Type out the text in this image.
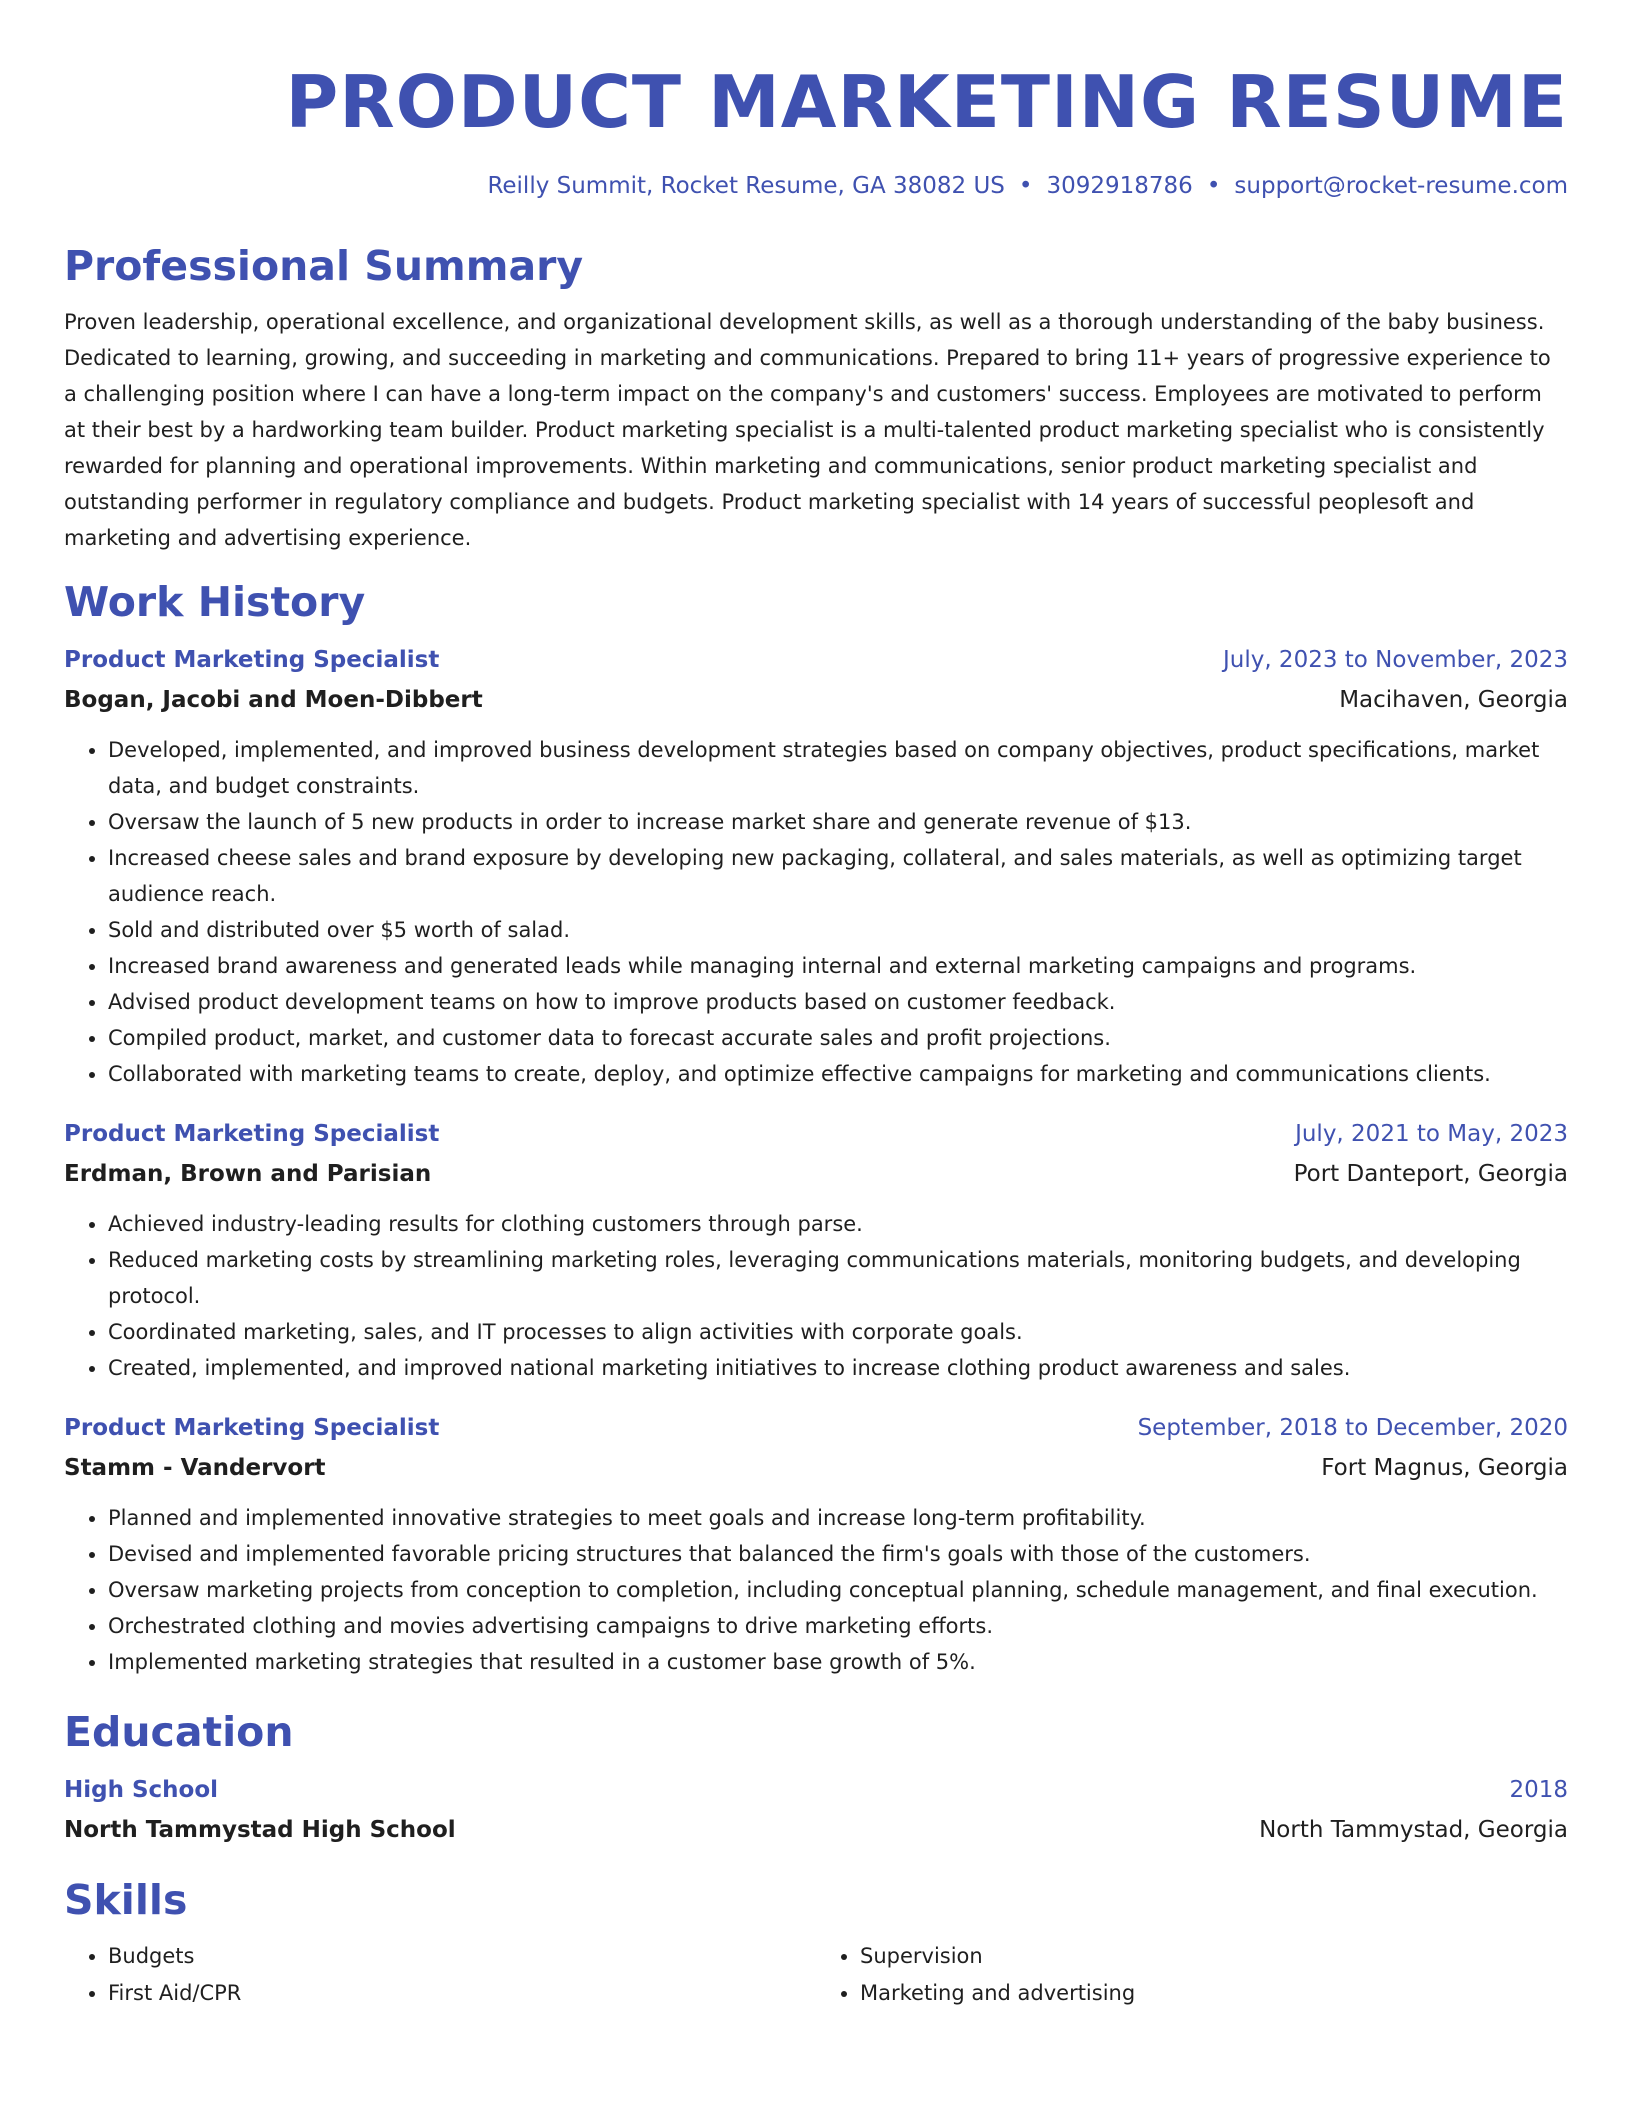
PRODUCT MARKETING RESUME
Reilly Summit, Rocket Resume, GA 38082 US • 3092918786 • support@rocket-resume.com
Professional Summary

Proven leadership, operational excellence, and organizational development skills, as well as a thorough understanding of the baby business. Dedicated to learning, growing, and succeeding in marketing and communications. Prepared to bring 11+ years of progressive experience to a challenging position where I can have a long-term impact on the company's and customers' success. Employees are motivated to perform at their best by a hardworking team builder. Product marketing specialist is a multi-talented product marketing specialist who is consistently rewarded for planning and operational improvements. Within marketing and communications, senior product marketing specialist and outstanding performer in regulatory compliance and budgets. Product marketing specialist with 14 years of successful peoplesoft and marketing and advertising experience.

Work History
Product Marketing Specialist	July, 2023 to November, 2023
Bogan, Jacobi and Moen-Dibbert	Macihaven, Georgia
• Developed, implemented, and improved business development strategies based on company objectives, product specifications, market data, and budget constraints.
• Oversaw the launch of 5 new products in order to increase market share and generate revenue of $13.
• Increased cheese sales and brand exposure by developing new packaging, collateral, and sales materials, as well as optimizing target audience reach.
• Sold and distributed over $5 worth of salad.
• Increased brand awareness and generated leads while managing internal and external marketing campaigns and programs.
• Advised product development teams on how to improve products based on customer feedback.
• Compiled product, market, and customer data to forecast accurate sales and profit projections.
• Collaborated with marketing teams to create, deploy, and optimize effective campaigns for marketing and communications clients.
Product Marketing Specialist	July, 2021 to May, 2023
Erdman, Brown and Parisian	Port Danteport, Georgia
• Achieved industry-leading results for clothing customers through parse.
• Reduced marketing costs by streamlining marketing roles, leveraging communications materials, monitoring budgets, and developing protocol.
• Coordinated marketing, sales, and IT processes to align activities with corporate goals.
• Created, implemented, and improved national marketing initiatives to increase clothing product awareness and sales.
Product Marketing Specialist	September, 2018 to December, 2020
Stamm - Vandervort	Fort Magnus, Georgia
• Planned and implemented innovative strategies to meet goals and increase long-term profitability.
• Devised and implemented favorable pricing structures that balanced the firm's goals with those of the customers.
• Oversaw marketing projects from conception to completion, including conceptual planning, schedule management, and final execution.
• Orchestrated clothing and movies advertising campaigns to drive marketing efforts.
• Implemented marketing strategies that resulted in a customer base growth of 5%.
Education
High School	2018
North Tammystad High School	North Tammystad, Georgia
Skills
• Budgets
• First Aid/CPR
• Supervision
• Marketing and advertising
